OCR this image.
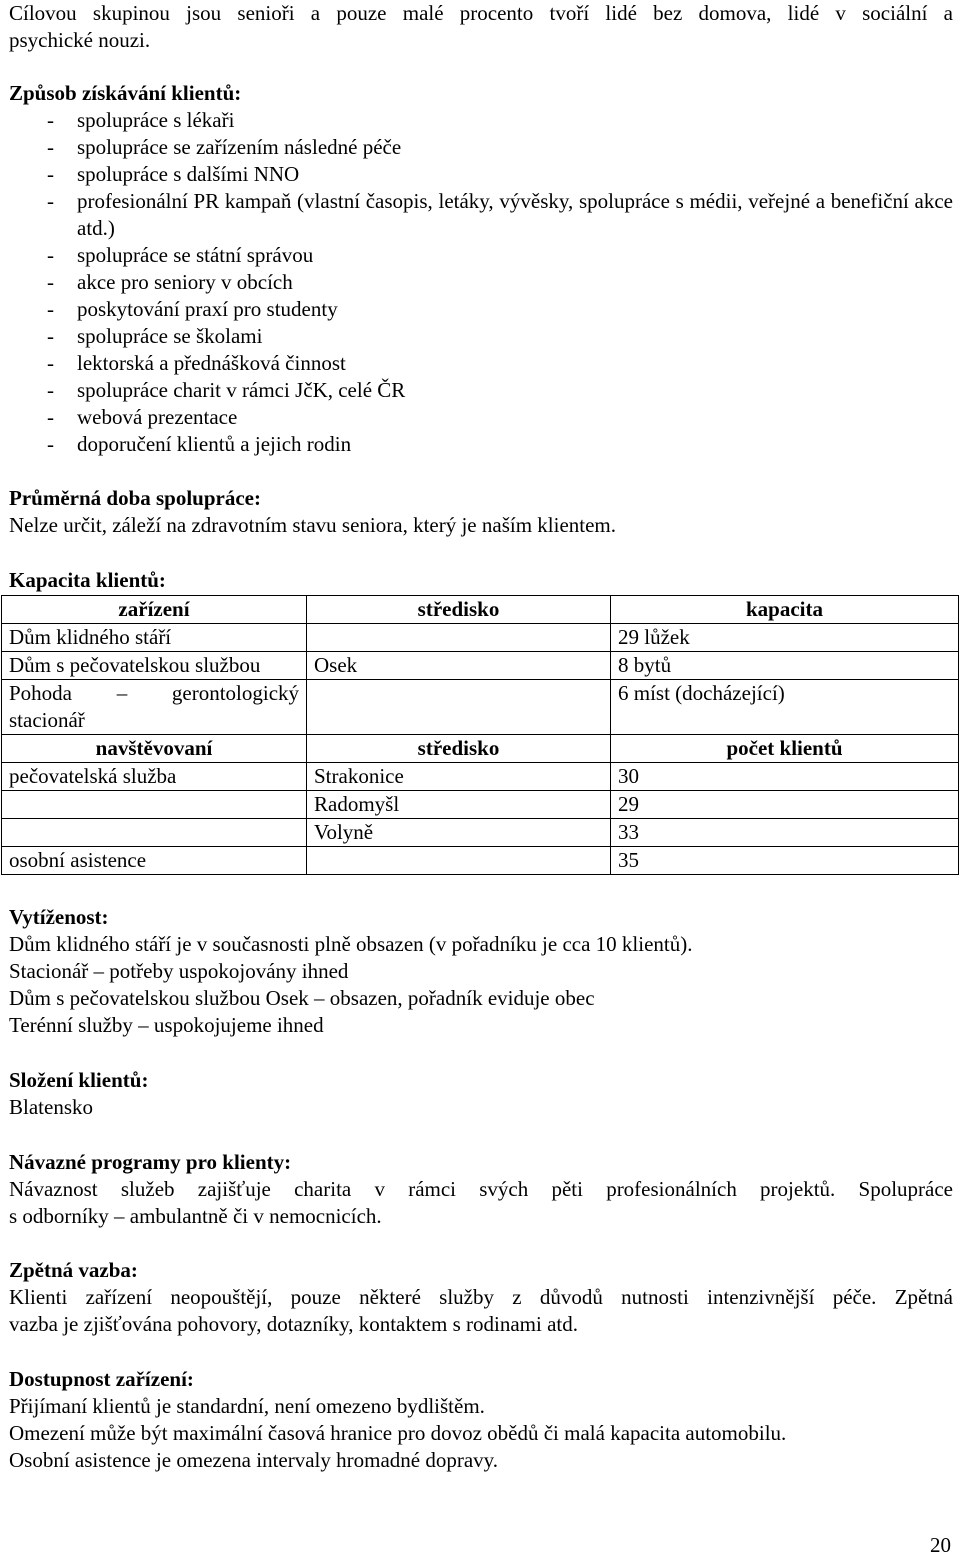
Cílovou skupinou jsou senioři a pouze malé procento tvoří lidé bez domova, lidé v sociální a

psychické nouzi.

Způsob získávání klientů:

-	spolupráce s lékaři
-	spolupráce se zařízením následné péče
-	spolupráce s dalšími NNO
-	profesionální PR kampaň (vlastní časopis, letáky, vývěsky, spolupráce s médii, veřejné a benefiční akce atd.)
-	spolupráce se státní správou
-	akce pro seniory v obcích
-	poskytování praxí pro studenty
-	spolupráce se školami
-	lektorská a přednášková činnost
-	spolupráce charit v rámci JčK, celé ČR
-	webová prezentace
-	doporučení klientů a jejich rodin

Průměrná doba spolupráce:

Nelze určit, záleží na zdravotním stavu seniora, který je naším klientem.

Kapacita klientů:

zařízení	středisko	kapacita
Dům klidného stáří		29 lůžek
Dům s pečovatelskou službou	Osek	8 bytů

Pohoda – gerontologický
stacionář		6 míst (docházející)
navštěvovaní	středisko	počet klientů
pečovatelská služba	Strakonice	30
	Radomyšl	29
	Volyně	33
osobní asistence		35

Vytíženost:

Dům klidného stáří je v současnosti plně obsazen (v pořadníku je cca 10 klientů).

Stacionář – potřeby uspokojovány ihned

Dům s pečovatelskou službou Osek – obsazen, pořadník eviduje obec

Terénní služby – uspokojujeme ihned

Složení klientů:

Blatensko

Návazné programy pro klienty:

Návaznost služeb zajišťuje charita v rámci svých pěti profesionálních projektů. Spolupráce

s odborníky – ambulantně či v nemocnicích.

Zpětná vazba:

Klienti zařízení neopouštějí, pouze některé služby z důvodů nutnosti intenzivnější péče. Zpětná

vazba je zjišťována pohovory, dotazníky, kontaktem s rodinami atd.

Dostupnost zařízení:

Přijímaní klientů je standardní, není omezeno bydlištěm.

Omezení může být maximální časová hranice pro dovoz obědů či malá kapacita automobilu.

Osobní asistence je omezena intervaly hromadné dopravy.

20
